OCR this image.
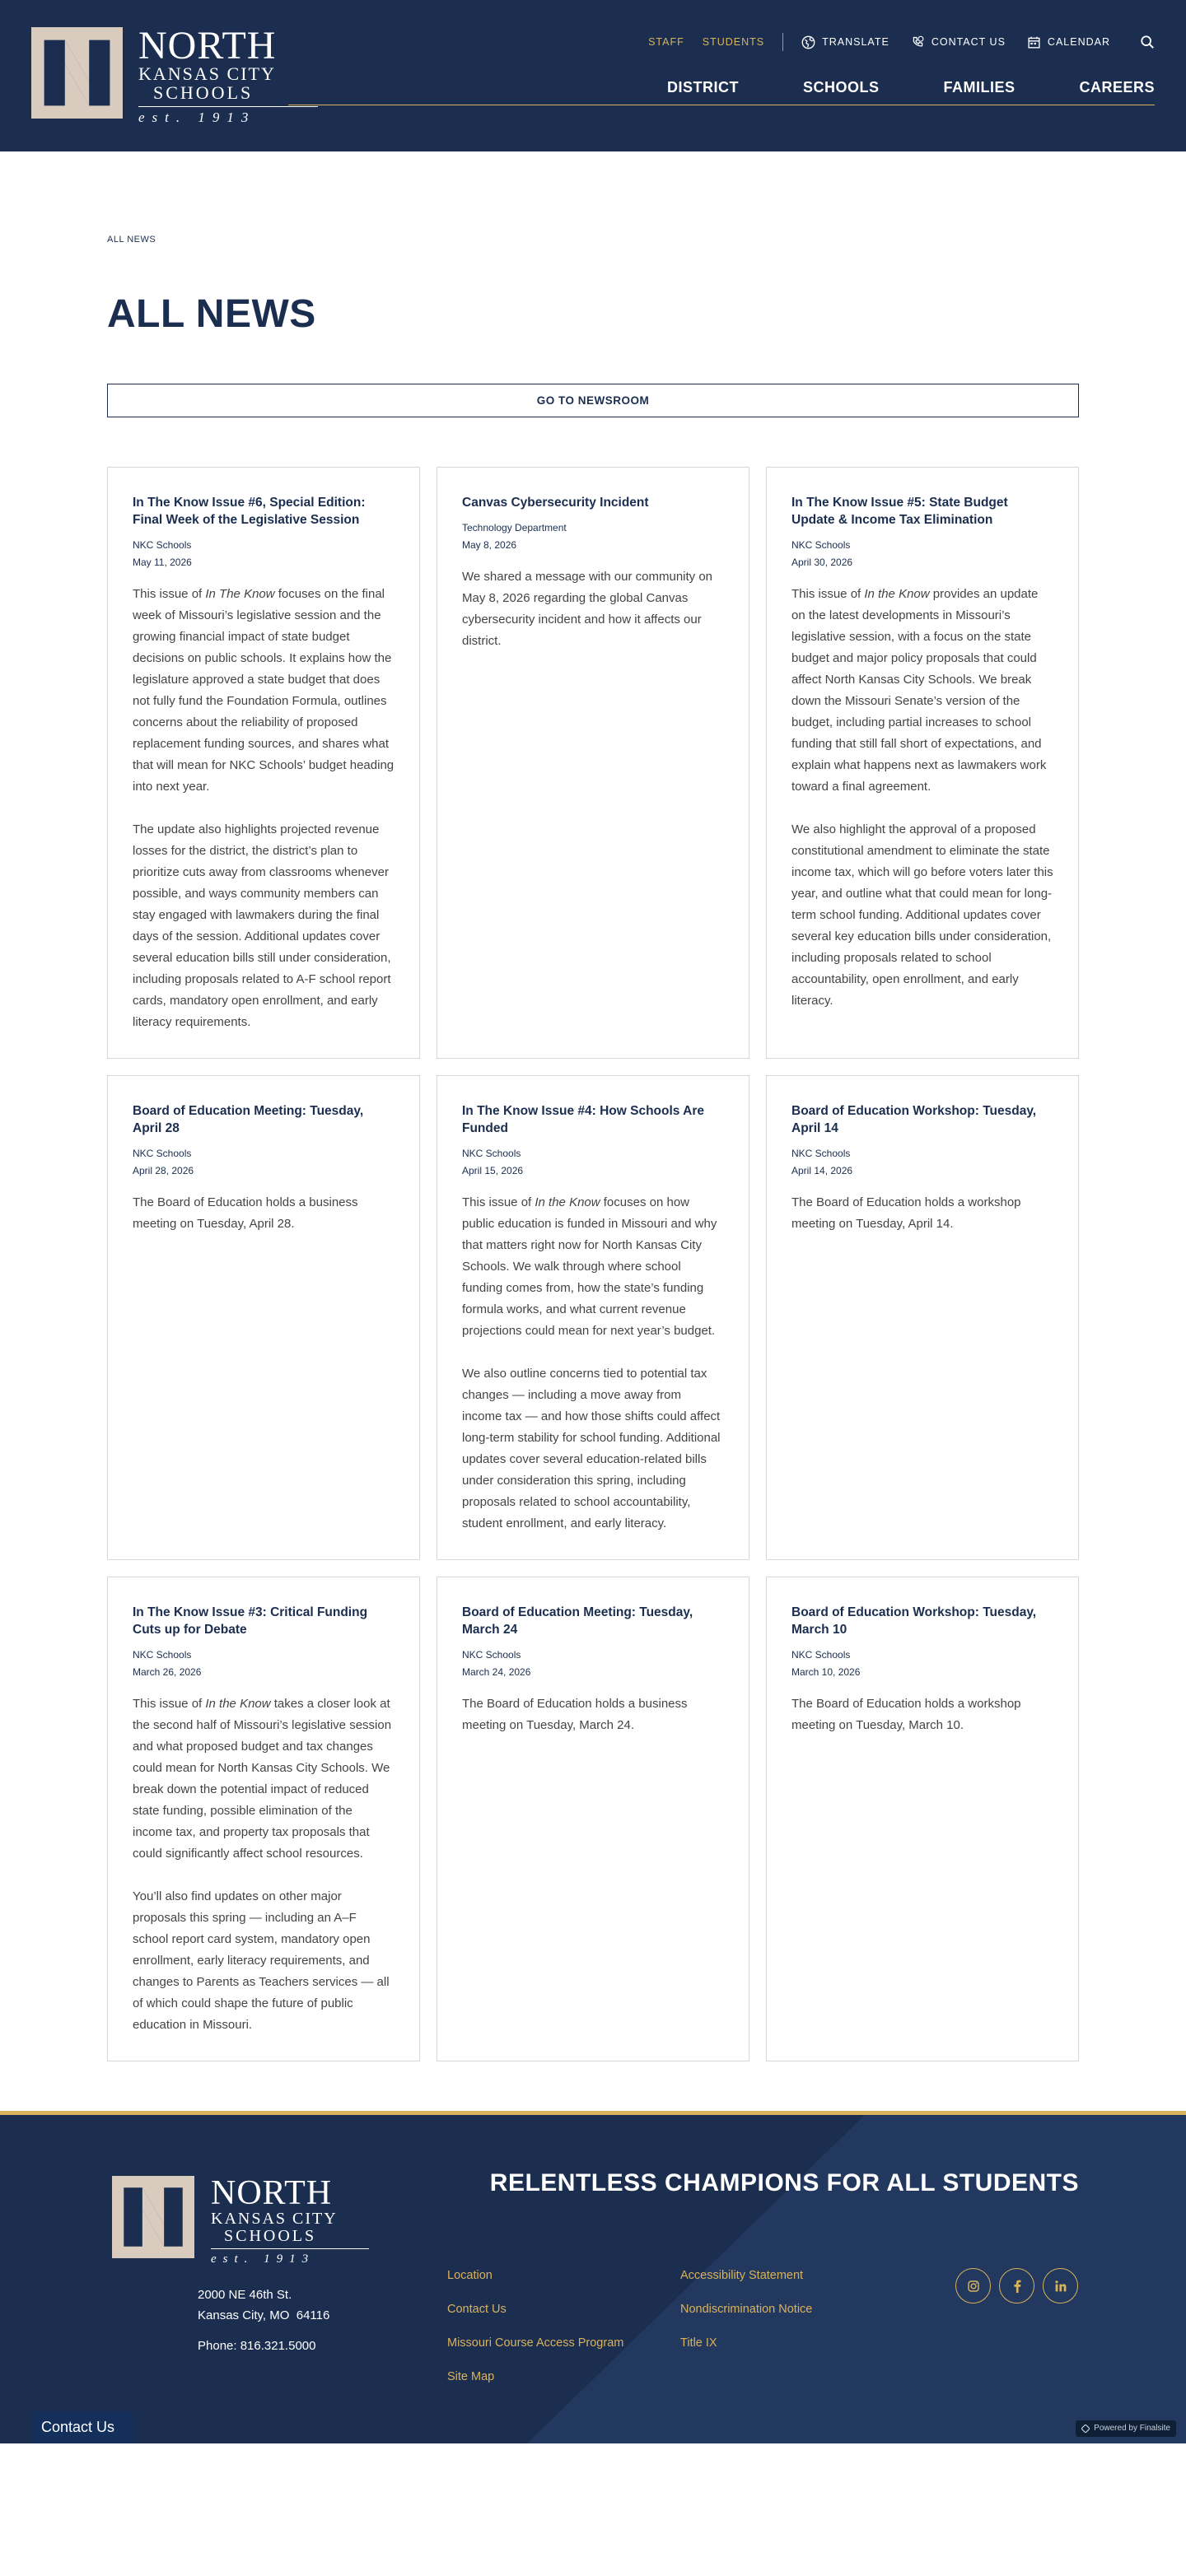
NORTH
KANSAS CITY
SCHOOLS
est. 1913
STAFF STUDENTS	TRANSLATE	CONTACT US	CALENDAR
DISTRICT	SCHOOLS	FAMILIES	CAREERS
ALL NEWS
ALL NEWS
GO TO NEWSROOM
In The Know Issue #6, Special Edition: Final Week of the Legislative Session
NKC Schools
May 11, 2026

This issue of In The Know focuses on the final week of Missouri’s legislative session and the growing financial impact of state budget decisions on public schools. It explains how the legislature approved a state budget that does not fully fund the Foundation Formula, outlines concerns about the reliability of proposed replacement funding sources, and shares what that will mean for NKC Schools’ budget heading into next year.

The update also highlights projected revenue losses for the district, the district’s plan to prioritize cuts away from classrooms whenever possible, and ways community members can stay engaged with lawmakers during the final days of the session. Additional updates cover several education bills still under consideration, including proposals related to A-F school report cards, mandatory open enrollment, and early literacy requirements.

Canvas Cybersecurity Incident
Technology Department
May 8, 2026

We shared a message with our community on May 8, 2026 regarding the global Canvas cybersecurity incident and how it affects our district.

In The Know Issue #5: State Budget Update & Income Tax Elimination
NKC Schools
April 30, 2026

This issue of In the Know provides an update on the latest developments in Missouri’s legislative session, with a focus on the state budget and major policy proposals that could affect North Kansas City Schools. We break down the Missouri Senate’s version of the budget, including partial increases to school funding that still fall short of expectations, and explain what happens next as lawmakers work toward a final agreement.

We also highlight the approval of a proposed constitutional amendment to eliminate the state income tax, which will go before voters later this year, and outline what that could mean for long-term school funding. Additional updates cover several key education bills under consideration, including proposals related to school accountability, open enrollment, and early literacy.

Board of Education Meeting: Tuesday, April 28
NKC Schools
April 28, 2026

The Board of Education holds a business meeting on Tuesday, April 28.

In The Know Issue #4: How Schools Are Funded
NKC Schools
April 15, 2026

This issue of In the Know focuses on how public education is funded in Missouri and why that matters right now for North Kansas City Schools. We walk through where school funding comes from, how the state’s funding formula works, and what current revenue projections could mean for next year’s budget.

We also outline concerns tied to potential tax changes — including a move away from income tax — and how those shifts could affect long-term stability for school funding. Additional updates cover several education-related bills under consideration this spring, including proposals related to school accountability, student enrollment, and early literacy.

Board of Education Workshop: Tuesday, April 14
NKC Schools
April 14, 2026

The Board of Education holds a workshop meeting on Tuesday, April 14.

In The Know Issue #3: Critical Funding Cuts up for Debate
NKC Schools
March 26, 2026

This issue of In the Know takes a closer look at the second half of Missouri’s legislative session and what proposed budget and tax changes could mean for North Kansas City Schools. We break down the potential impact of reduced state funding, possible elimination of the income tax, and property tax proposals that could significantly affect school resources.

You’ll also find updates on other major proposals this spring — including an A–F school report card system, mandatory open enrollment, early literacy requirements, and changes to Parents as Teachers services — all of which could shape the future of public education in Missouri.

Board of Education Meeting: Tuesday, March 24
NKC Schools
March 24, 2026

The Board of Education holds a business meeting on Tuesday, March 24.

Board of Education Workshop: Tuesday, March 10
NKC Schools
March 10, 2026

The Board of Education holds a workshop meeting on Tuesday, March 10.

NORTH
KANSAS CITY
SCHOOLS
est. 1913
2000 NE 46th St.
Kansas City, MO  64116
Phone: 816.321.5000
RELENTLESS CHAMPIONS FOR ALL STUDENTS
Location
Contact Us
Missouri Course Access Program
Site Map
Accessibility Statement
Nondiscrimination Notice
Title IX
Contact Us	Powered by Finalsite
